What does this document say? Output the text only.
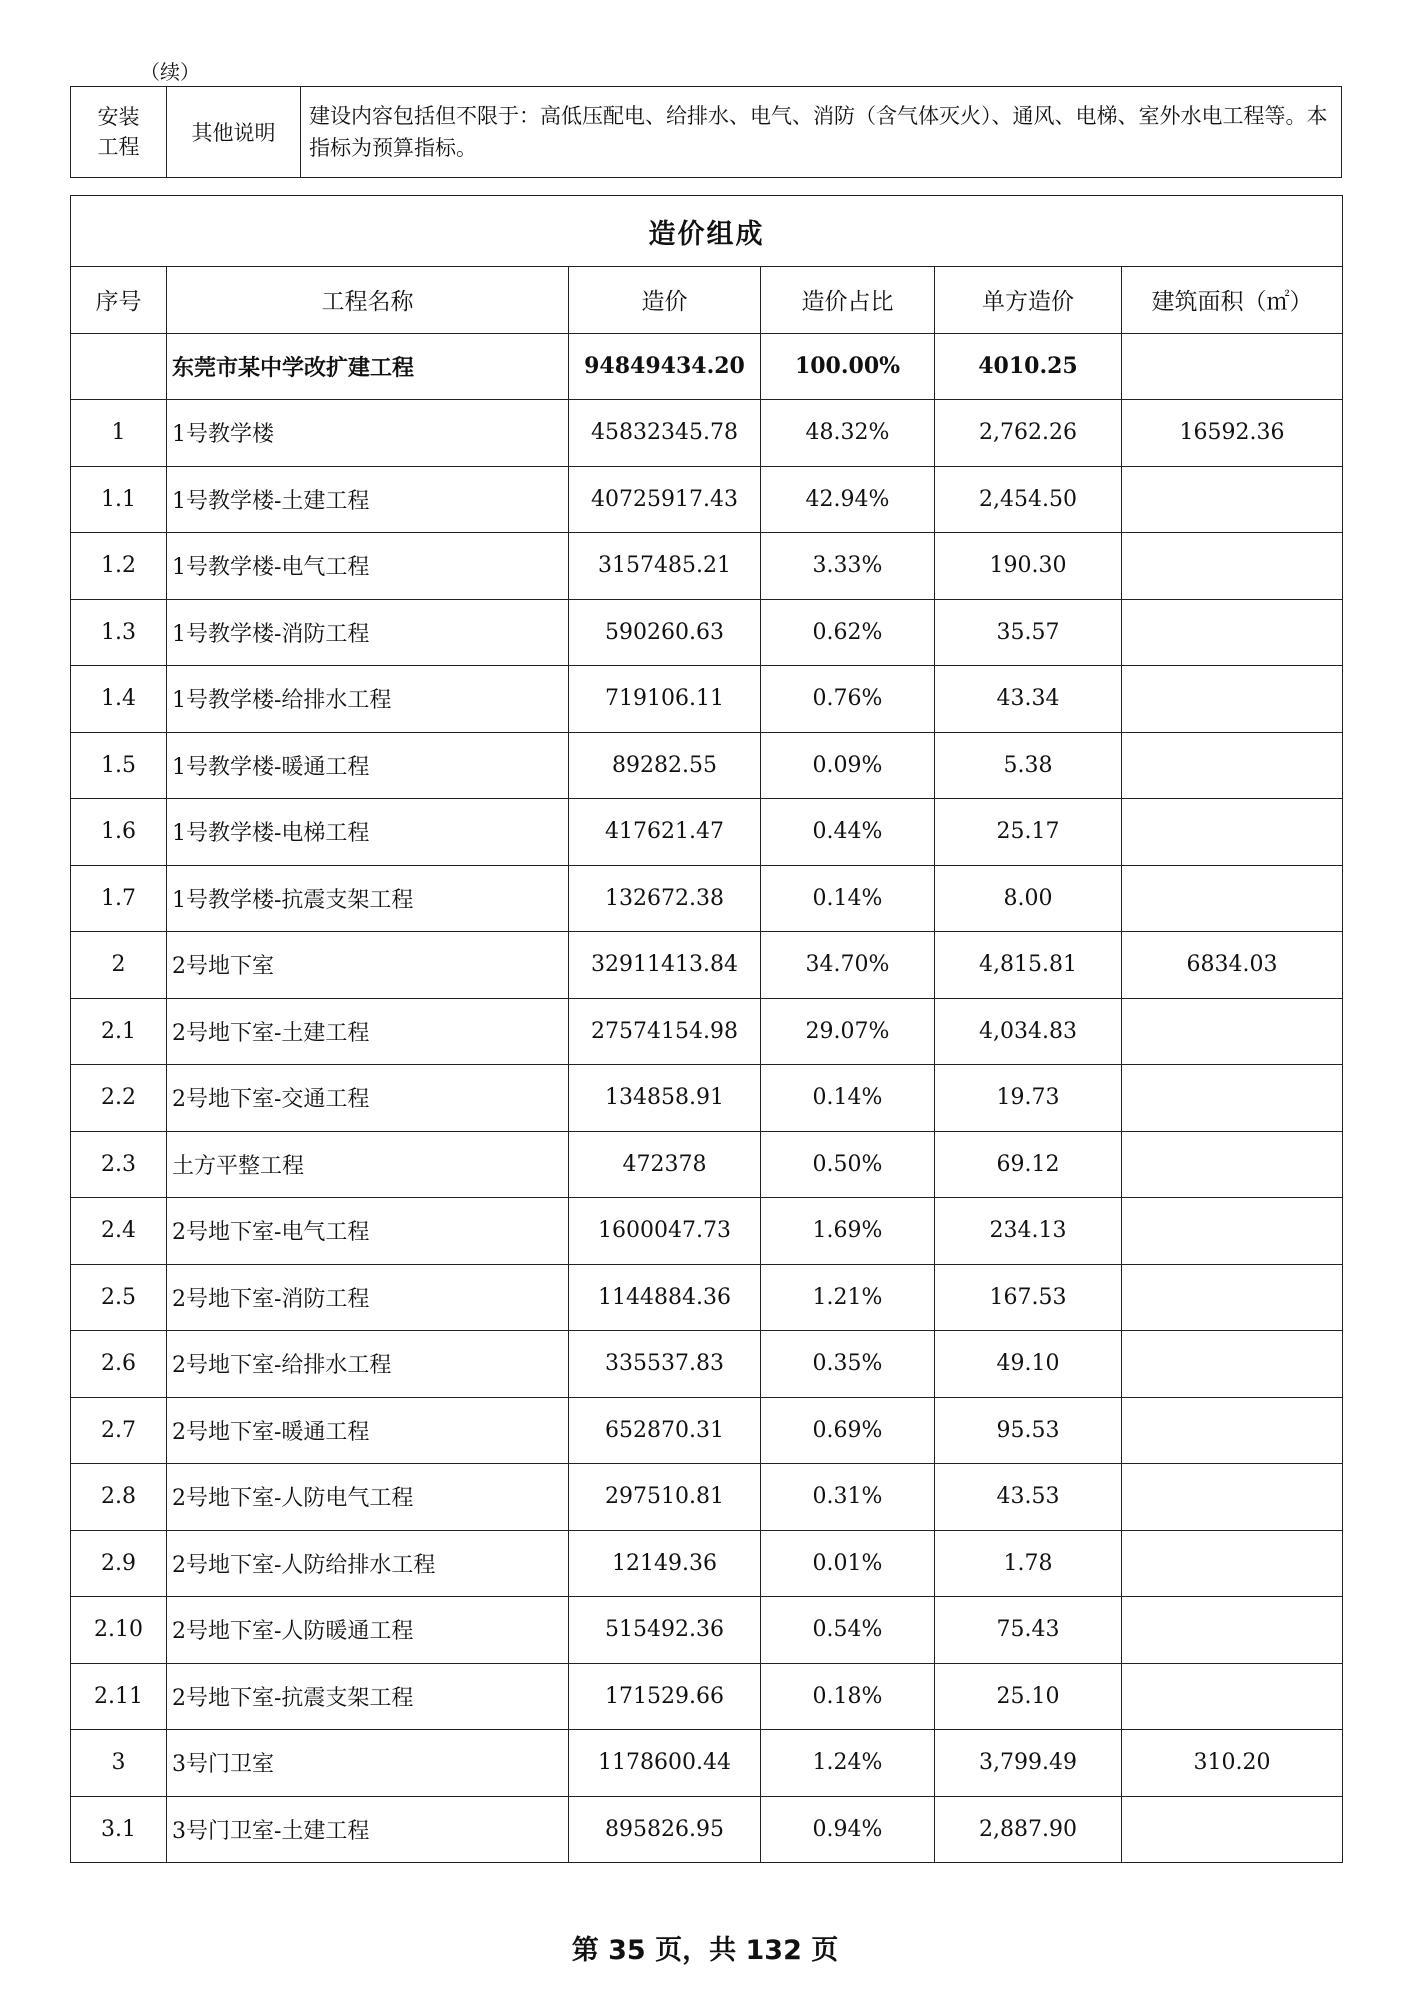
（续）
安装
工程	其他说明	建设内容包括但不限于：高低压配电、给排水、电气、消防（含气体灭火）、通风、电梯、室外水电工程等。本指标为预算指标。
造价组成					
序号	工程名称	造价	造价占比	单方造价	建筑面积（㎡）
	东莞市某中学改扩建工程	94849434.20	100.00%	4010.25	
1	1号教学楼	45832345.78	48.32%	2,762.26	16592.36
1.1	1号教学楼-土建工程	40725917.43	42.94%	2,454.50	
1.2	1号教学楼-电气工程	3157485.21	3.33%	190.30	
1.3	1号教学楼-消防工程	590260.63	0.62%	35.57	
1.4	1号教学楼-给排水工程	719106.11	0.76%	43.34	
1.5	1号教学楼-暖通工程	89282.55	0.09%	5.38	
1.6	1号教学楼-电梯工程	417621.47	0.44%	25.17	
1.7	1号教学楼-抗震支架工程	132672.38	0.14%	8.00	
2	2号地下室	32911413.84	34.70%	4,815.81	6834.03
2.1	2号地下室-土建工程	27574154.98	29.07%	4,034.83	
2.2	2号地下室-交通工程	134858.91	0.14%	19.73	
2.3	土方平整工程	472378	0.50%	69.12	
2.4	2号地下室-电气工程	1600047.73	1.69%	234.13	
2.5	2号地下室-消防工程	1144884.36	1.21%	167.53	
2.6	2号地下室-给排水工程	335537.83	0.35%	49.10	
2.7	2号地下室-暖通工程	652870.31	0.69%	95.53	
2.8	2号地下室-人防电气工程	297510.81	0.31%	43.53	
2.9	2号地下室-人防给排水工程	12149.36	0.01%	1.78	
2.10	2号地下室-人防暖通工程	515492.36	0.54%	75.43	
2.11	2号地下室-抗震支架工程	171529.66	0.18%	25.10	
3	3号门卫室	1178600.44	1.24%	3,799.49	310.20
3.1	3号门卫室-土建工程	895826.95	0.94%	2,887.90	
第 35 页，共 132 页
